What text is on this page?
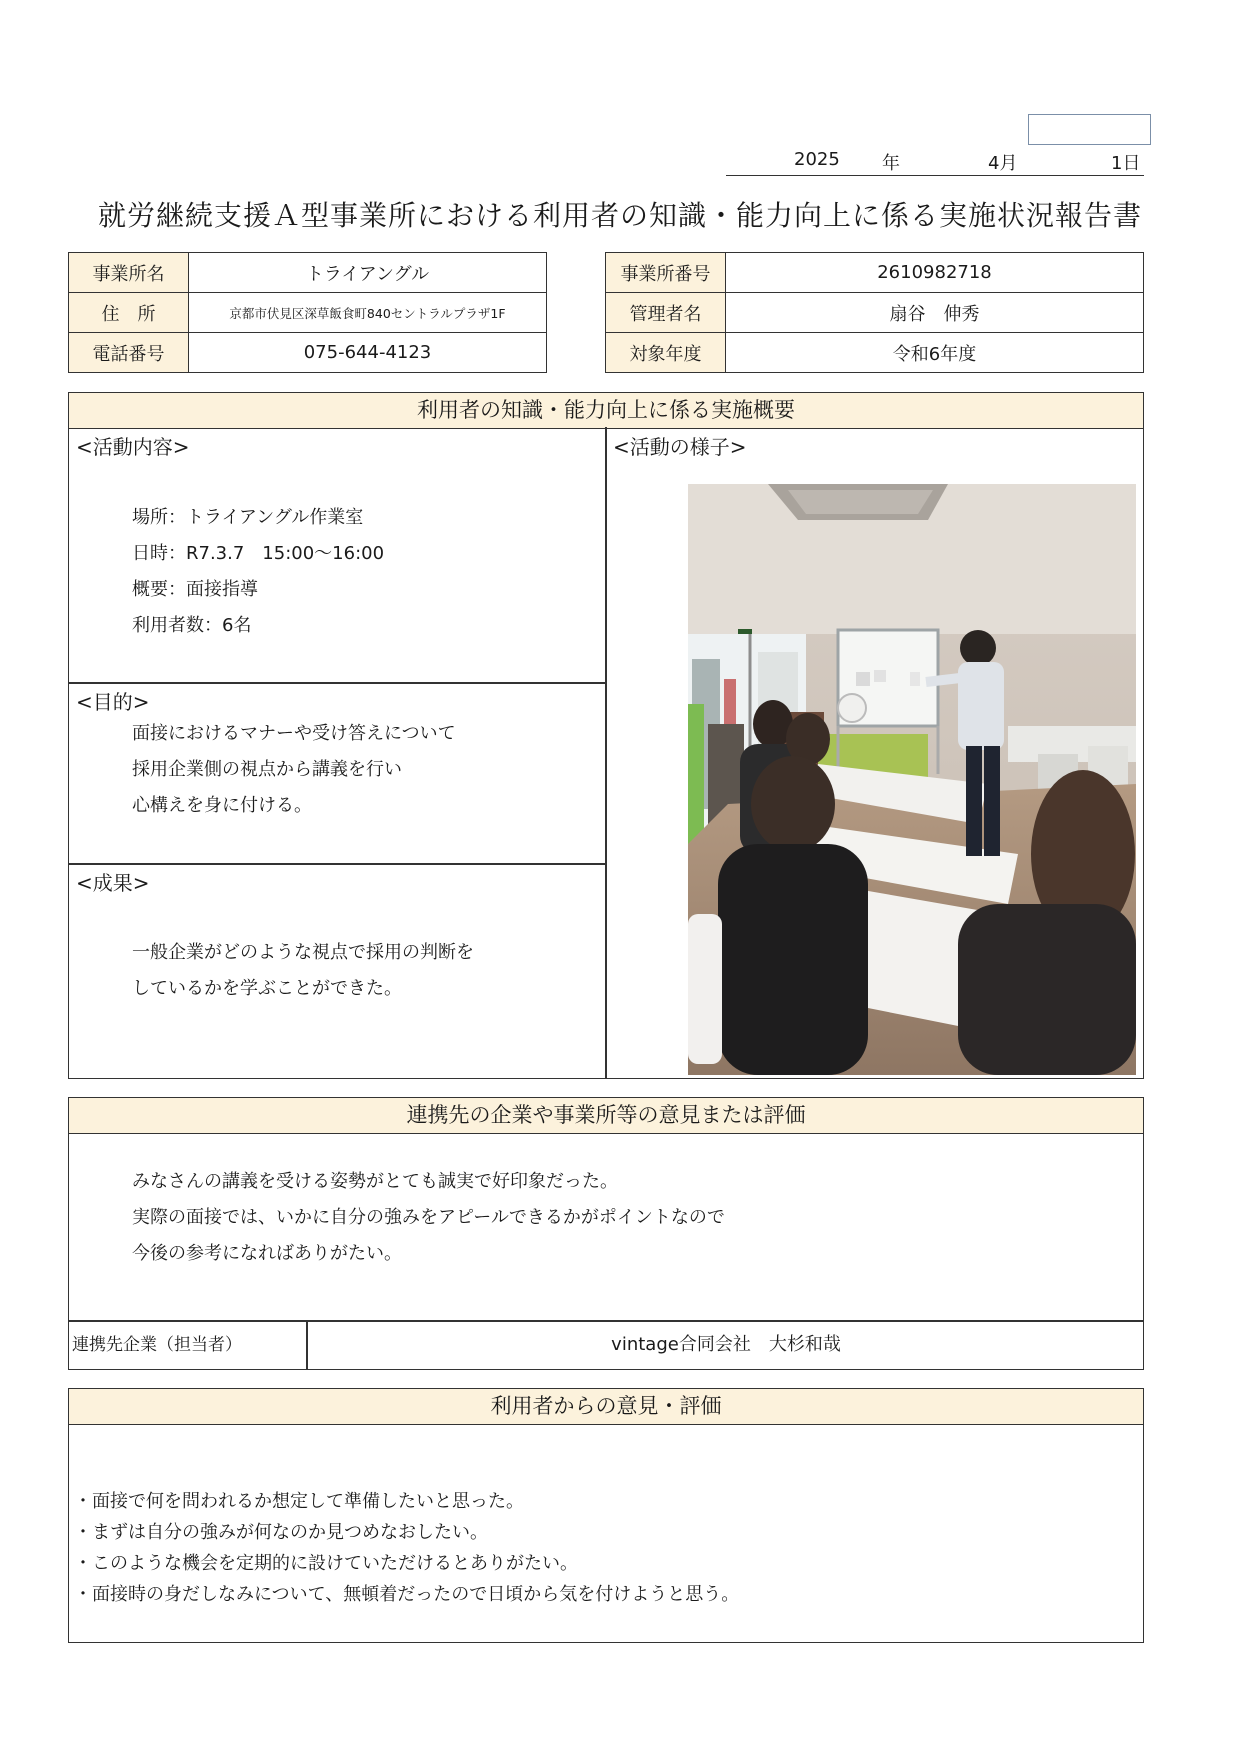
2025 年	4月	1日
就労継続支援Ａ型事業所における利用者の知識・能力向上に係る実施状況報告書
事業所名	トライアングル
住　所	京都市伏見区深草飯食町840セントラルプラザ1F
電話番号	075-644-4123
事業所番号	2610982718
管理者名	扇谷　伸秀
対象年度	令和6年度
利用者の知識・能力向上に係る実施概要
<活動内容>
場所：トライアングル作業室
日時：R7.3.7　15:00～16:00
概要：面接指導
利用者数：6名
<目的>
面接におけるマナーや受け答えについて
採用企業側の視点から講義を行い
心構えを身に付ける。
<成果>
一般企業がどのような視点で採用の判断を
しているかを学ぶことができた。
<活動の様子>
連携先の企業や事業所等の意見または評価
みなさんの講義を受ける姿勢がとても誠実で好印象だった。
実際の面接では、いかに自分の強みをアピールできるかがポイントなので
今後の参考になればありがたい。
連携先企業（担当者）	vintage合同会社　大杉和哉
利用者からの意見・評価
・面接で何を問われるか想定して準備したいと思った。
・まずは自分の強みが何なのか見つめなおしたい。
・このような機会を定期的に設けていただけるとありがたい。
・面接時の身だしなみについて、無頓着だったので日頃から気を付けようと思う。
